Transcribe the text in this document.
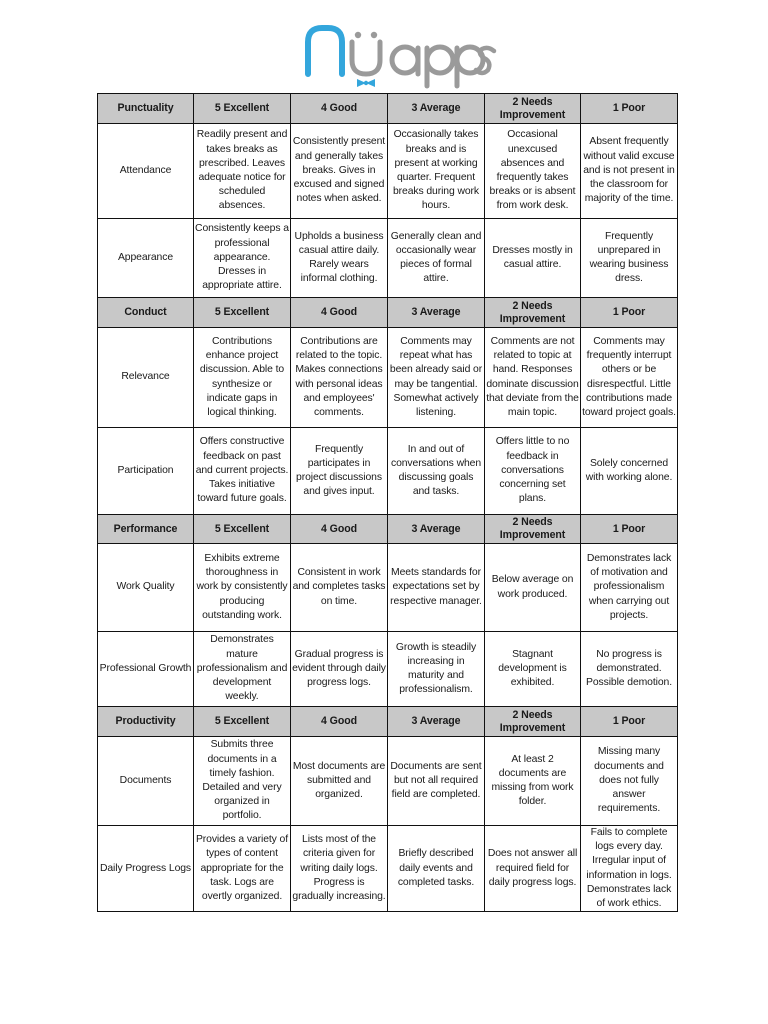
Punctuality	5 Excellent	4 Good	3 Average	2 Needs Improvement	1 Poor
Attendance	Readily present and takes breaks as prescribed. Leaves adequate notice for scheduled absences.	Consistently present and generally takes breaks. Gives in excused and signed notes when asked.	Occasionally takes breaks and is present at working quarter. Frequent breaks during work hours.	Occasional unexcused absences and frequently takes breaks or is absent from work desk.	Absent frequently without valid excuse and is not present in the classroom for majority of the time.
Appearance	Consistently keeps a professional appearance. Dresses in appropriate attire.	Upholds a business casual attire daily. Rarely wears informal clothing.	Generally clean and occasionally wear pieces of formal attire.	Dresses mostly in casual attire.	Frequently unprepared in wearing business dress.
Conduct	5 Excellent	4 Good	3 Average	2 Needs Improvement	1 Poor
Relevance	Contributions enhance project discussion. Able to synthesize or indicate gaps in logical thinking.	Contributions are related to the topic. Makes connections with personal ideas and employees' comments.	Comments may repeat what has been already said or may be tangential. Somewhat actively listening.	Comments are not related to topic at hand. Responses dominate discussion that deviate from the main topic.	Comments may frequently interrupt others or be disrespectful. Little contributions made toward project goals.
Participation	Offers constructive feedback on past and current projects. Takes initiative toward future goals.	Frequently participates in project discussions and gives input.	In and out of conversations when discussing goals and tasks.	Offers little to no feedback in conversations concerning set plans.	Solely concerned with working alone.
Performance	5 Excellent	4 Good	3 Average	2 Needs Improvement	1 Poor
Work Quality	Exhibits extreme thoroughness in work by consistently producing outstanding work.	Consistent in work and completes tasks on time.	Meets standards for expectations set by respective manager.	Below average on work produced.	Demonstrates lack of motivation and professionalism when carrying out projects.
Professional Growth	Demonstrates mature professionalism and development weekly.	Gradual progress is evident through daily progress logs.	Growth is steadily increasing in maturity and professionalism.	Stagnant development is exhibited.	No progress is demonstrated. Possible demotion.
Productivity	5 Excellent	4 Good	3 Average	2 Needs Improvement	1 Poor
Documents	Submits three documents in a timely fashion. Detailed and very organized in portfolio.	Most documents are submitted and organized.	Documents are sent but not all required field are completed.	At least 2 documents are missing from work folder.	Missing many documents and does not fully answer requirements.
Daily Progress Logs	Provides a variety of types of content appropriate for the task. Logs are overtly organized.	Lists most of the criteria given for writing daily logs. Progress is gradually increasing.	Briefly described daily events and completed tasks.	Does not answer all required field for daily progress logs.	Fails to complete logs every day. Irregular input of information in logs. Demonstrates lack of work ethics.
